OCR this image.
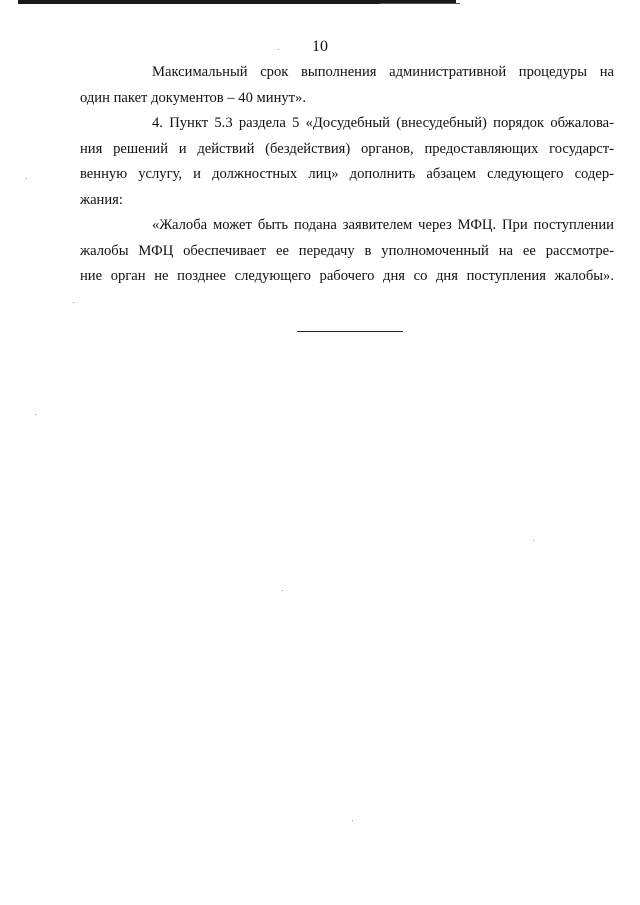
10

Максимальный срок выполнения административной процедуры на
один пакет документов – 40 минут».

4. Пункт 5.3 раздела 5 «Досудебный (внесудебный) порядок обжалова-
ния решений и действий (бездействия) органов, предоставляющих государст-
венную услугу, и должностных лиц» дополнить абзацем следующего содер-
жания:

«Жалоба может быть подана заявителем через МФЦ. При поступлении
жалобы МФЦ обеспечивает ее передачу в уполномоченный на ее рассмотре-
ние орган не позднее следующего рабочего дня со дня поступления жалобы».
